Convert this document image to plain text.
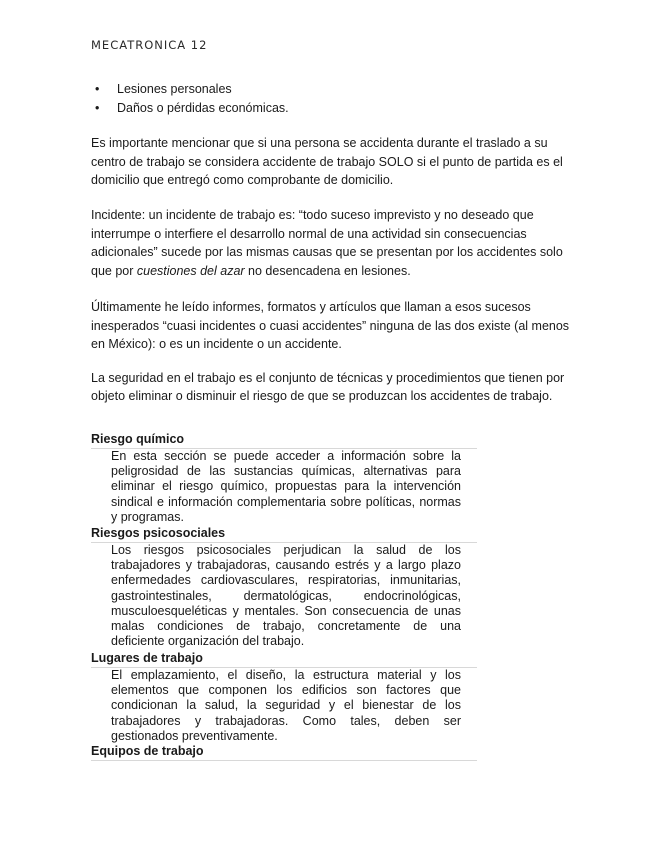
MECATRONICA 12
• Lesiones personales
• Daños o pérdidas económicas.

Es importante mencionar que si una persona se accidenta durante el traslado a su centro de trabajo se considera accidente de trabajo SOLO si el punto de partida es el domicilio que entregó como comprobante de domicilio.

Incidente: un incidente de trabajo es: “todo suceso imprevisto y no deseado que interrumpe o interfiere el desarrollo normal de una actividad sin consecuencias adicionales” sucede por las mismas causas que se presentan por los accidentes solo que por cuestiones del azar no desencadena en lesiones.

Últimamente he leído informes, formatos y artículos que llaman a esos sucesos inesperados “cuasi incidentes o cuasi accidentes” ninguna de las dos existe (al menos en México): o es un incidente o un accidente.

La seguridad en el trabajo es el conjunto de técnicas y procedimientos que tienen por objeto eliminar o disminuir el riesgo de que se produzcan los accidentes de trabajo.

Riesgo químico

En esta sección se puede acceder a información sobre la peligrosidad de las sustancias químicas, alternativas para eliminar el riesgo químico, propuestas para la intervención sindical e información complementaria sobre políticas, normas y programas.

Riesgos psicosociales

Los riesgos psicosociales perjudican la salud de los trabajadores y trabajadoras, causando estrés y a largo plazo enfermedades cardiovasculares, respiratorias, inmunitarias, gastrointestinales, dermatológicas, endocrinológicas, musculoesqueléticas y mentales. Son consecuencia de unas malas condiciones de trabajo, concretamente de una deficiente organización del trabajo.

Lugares de trabajo

El emplazamiento, el diseño, la estructura material y los elementos que componen los edificios son factores que condicionan la salud, la seguridad y el bienestar de los trabajadores y trabajadoras. Como tales, deben ser gestionados preventivamente.

Equipos de trabajo
